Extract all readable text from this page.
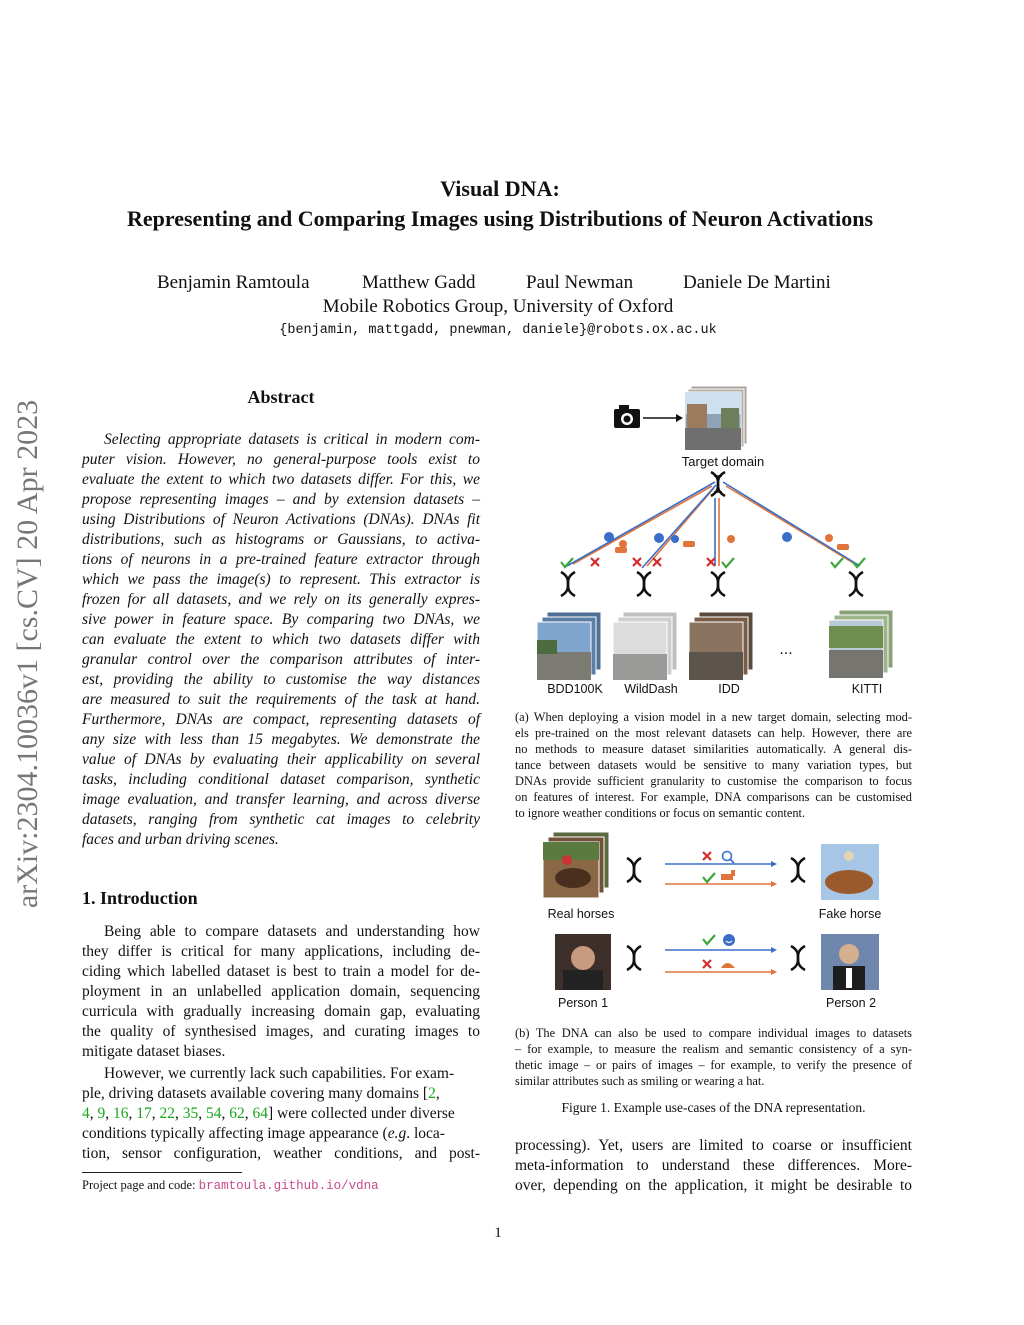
arXiv:2304.10036v1 [cs.CV] 20 Apr 2023
Visual DNA:
Representing and Comparing Images using Distributions of Neuron Activations
Benjamin Ramtoula	Matthew Gadd	Paul Newman	Daniele De Martini
Mobile Robotics Group, University of Oxford
{benjamin, mattgadd, pnewman, daniele}@robots.ox.ac.uk
Abstract
Selecting appropriate datasets is critical in modern com-
puter vision. However, no general-purpose tools exist to
evaluate the extent to which two datasets differ. For this, we
propose representing images – and by extension datasets –
using Distributions of Neuron Activations (DNAs). DNAs fit
distributions, such as histograms or Gaussians, to activa-
tions of neurons in a pre-trained feature extractor through
which we pass the image(s) to represent. This extractor is
frozen for all datasets, and we rely on its generally expres-
sive power in feature space. By comparing two DNAs, we
can evaluate the extent to which two datasets differ with
granular control over the comparison attributes of inter-
est, providing the ability to customise the way distances
are measured to suit the requirements of the task at hand.
Furthermore, DNAs are compact, representing datasets of
any size with less than 15 megabytes. We demonstrate the
value of DNAs by evaluating their applicability on several
tasks, including conditional dataset comparison, synthetic
image evaluation, and transfer learning, and across diverse
datasets, ranging from synthetic cat images to celebrity
faces and urban driving scenes.
1. Introduction
Being able to compare datasets and understanding how
they differ is critical for many applications, including de-
ciding which labelled dataset is best to train a model for de-
ployment in an unlabelled application domain, sequencing
curricula with gradually increasing domain gap, evaluating
the quality of synthesised images, and curating images to
mitigate dataset biases.
However, we currently lack such capabilities. For exam-
ple, driving datasets available covering many domains [2,
4, 9, 16, 17, 22, 35, 54, 62, 64] were collected under diverse
conditions typically affecting image appearance (e.g. loca-
tion, sensor configuration, weather conditions, and post-
Project page and code: bramtoula.github.io/vdna
Target domain
...
BDD100K WildDash	IDD	KITTI
(a) When deploying a vision model in a new target domain, selecting mod-
els pre-trained on the most relevant datasets can help. However, there are
no methods to measure dataset similarities automatically. A general dis-
tance between datasets would be sensitive to many variation types, but
DNAs provide sufficient granularity to customise the comparison to focus
on features of interest. For example, DNA comparisons can be customised
to ignore weather conditions or focus on semantic content.
Real horses	Fake horse
Person 1	Person 2
(b) The DNA can also be used to compare individual images to datasets
– for example, to measure the realism and semantic consistency of a syn-
thetic image – or pairs of images – for example, to verify the presence of
similar attributes such as smiling or wearing a hat.
Figure 1. Example use-cases of the DNA representation.
processing). Yet, users are limited to coarse or insufficient
meta-information to understand these differences. More-
over, depending on the application, it might be desirable to
1
